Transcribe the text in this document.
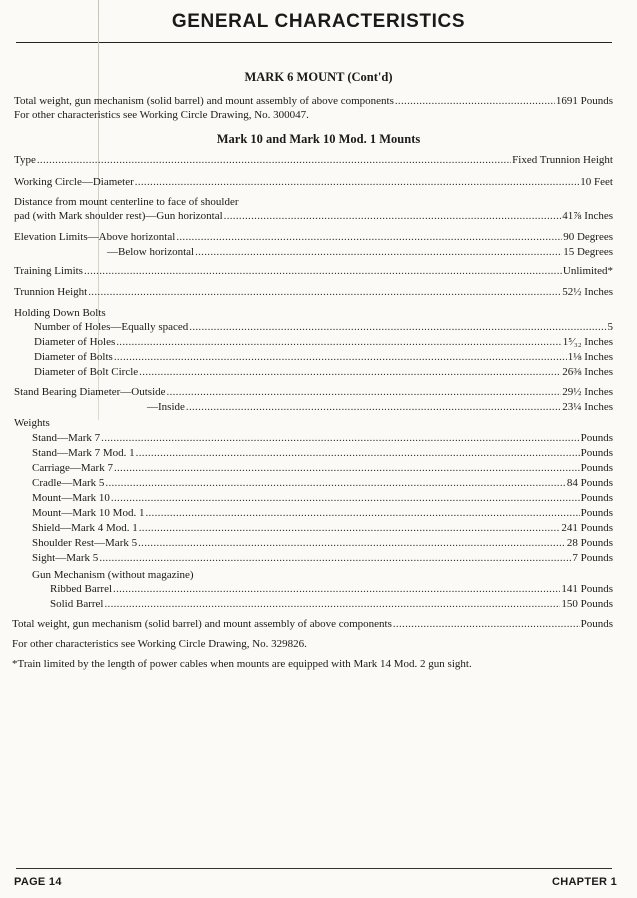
GENERAL CHARACTERISTICS
MARK 6 MOUNT (Cont'd)
Total weight, gun mechanism (solid barrel) and mount assembly of above components .....	1691 Pounds
For other characteristics see Working Circle Drawing, No. 300047.
Mark 10 and Mark 10 Mod. 1 Mounts
Type .....	Fixed Trunnion Height
Working Circle—Diameter .....	10 Feet
Distance from mount centerline to face of shoulder
pad (with Mark shoulder rest)—Gun horizontal .....	41⅞ Inches
Elevation Limits—Above horizontal .....	90 Degrees
—Below horizontal .....	15 Degrees
Training Limits .....	Unlimited*
Trunnion Height .....	52½ Inches
Holding Down Bolts
Number of Holes—Equally spaced .....	5
Diameter of Holes .....	1⁵⁄₃₂ Inches
Diameter of Bolts .....	1⅛ Inches
Diameter of Bolt Circle .....	26⅜ Inches
Stand Bearing Diameter—Outside .....	29½ Inches
—Inside .....	23¼ Inches
Weights
Stand—Mark 7 .....	Pounds
Stand—Mark 7 Mod. 1 .....	Pounds
Carriage—Mark 7 .....	Pounds
Cradle—Mark 5 .....	84 Pounds
Mount—Mark 10 .....	Pounds
Mount—Mark 10 Mod. 1 .....	Pounds
Shield—Mark 4 Mod. 1 .....	241 Pounds
Shoulder Rest—Mark 5 .....	28 Pounds
Sight—Mark 5 .....	7 Pounds
Gun Mechanism (without magazine)
Ribbed Barrel .....	141 Pounds
Solid Barrel .....	150 Pounds
Total weight, gun mechanism (solid barrel) and mount assembly of above components .....	Pounds
For other characteristics see Working Circle Drawing, No. 329826.
*Train limited by the length of power cables when mounts are equipped with Mark 14 Mod. 2 gun sight.
PAGE 14	CHAPTER 1
